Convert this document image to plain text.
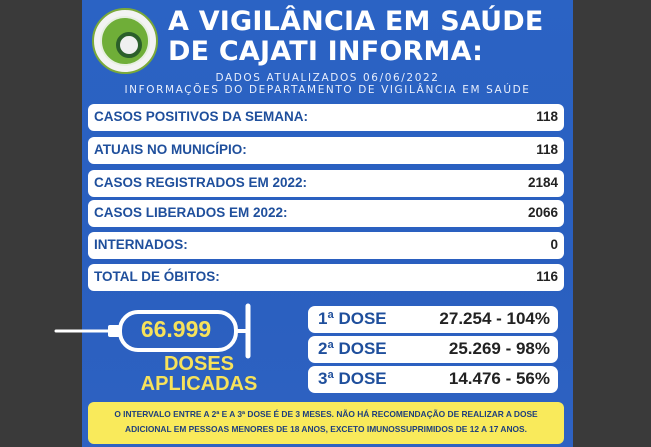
A VIGILÂNCIA EM SAÚDE
DE CAJATI INFORMA:
DADOS ATUALIZADOS 06/06/2022
INFORMAÇÕES DO DEPARTAMENTO DE VIGILÂNCIA EM SAÚDE
CASOS POSITIVOS DA SEMANA:	118
ATUAIS NO MUNICÍPIO:	118
CASOS REGISTRADOS EM 2022:	2184
CASOS LIBERADOS EM 2022:	2066
INTERNADOS:	0
TOTAL DE ÓBITOS:	116
66.999
DOSES
APLICADAS
1ª DOSE	27.254 - 104%
2ª DOSE	25.269 - 98%
3ª DOSE	14.476 - 56%
O INTERVALO ENTRE A 2ª E A 3ª DOSE É DE 3 MESES. NÃO HÁ RECOMENDAÇÃO DE REALIZAR A DOSE
ADICIONAL EM PESSOAS MENORES DE 18 ANOS, EXCETO IMUNOSSUPRIMIDOS DE 12 A 17 ANOS.
